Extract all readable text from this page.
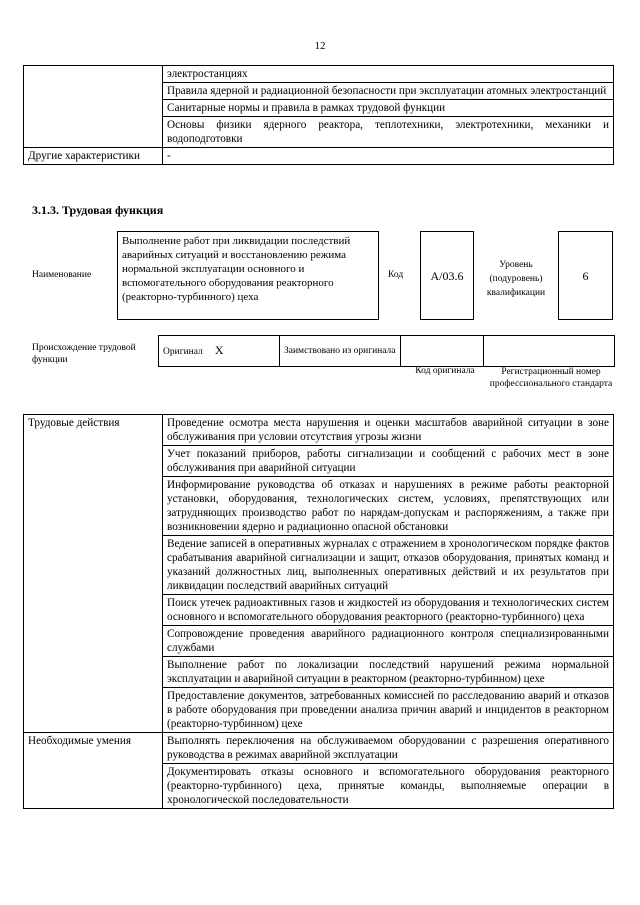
12
	электростанциях
	Правила ядерной и радиационной безопасности при эксплуатации атомных электростанций
	Санитарные нормы и правила в рамках трудовой функции
	Основы физики ядерного реактора, теплотехники, электротехники, механики и водоподготовки
Другие характеристики	-
3.1.3. Трудовая функция
Наименование
Выполнение работ при ликвидации последствий аварийных ситуаций и восстановлению режима нормальной эксплуатации основного и вспомогательного оборудования реакторного (реакторно-турбинного) цеха
Код	A/03.6
Уровень (подуровень) квалификации
6
Происхождение трудовой функции
Оригинал X	Заимствовано из оригинала		
Код оригинала	Регистрационный номер профессионального стандарта
Трудовые действия	Проведение осмотра места нарушения и оценки масштабов аварийной ситуации в зоне обслуживания при условии отсутствия угрозы жизни
	Учет показаний приборов, работы сигнализации и сообщений с рабочих мест в зоне обслуживания при аварийной ситуации
	Информирование руководства об отказах и нарушениях в режиме работы реакторной установки, оборудования, технологических систем, условиях, препятствующих или затрудняющих производство работ по нарядам-допускам и распоряжениям, а также при возникновении ядерно и радиационно опасной обстановки
	Ведение записей в оперативных журналах с отражением в хронологическом порядке фактов срабатывания аварийной сигнализации и защит, отказов оборудования, принятых команд и указаний должностных лиц, выполненных оперативных действий и их результатов при ликвидации последствий аварийных ситуаций
	Поиск утечек радиоактивных газов и жидкостей из оборудования и технологических систем основного и вспомогательного оборудования реакторного (реакторно-турбинного) цеха
	Сопровождение проведения аварийного радиационного контроля специализированными службами
	Выполнение работ по локализации последствий нарушений режима нормальной эксплуатации и аварийной ситуации в реакторном (реакторно-турбинном) цехе
	Предоставление документов, затребованных комиссией по расследованию аварий и отказов в работе оборудования при проведении анализа причин аварий и инцидентов в реакторном (реакторно-турбинном) цехе
Необходимые умения	Выполнять переключения на обслуживаемом оборудовании с разрешения оперативного руководства в режимах аварийной эксплуатации
	Документировать отказы основного и вспомогательного оборудования реакторного (реакторно-турбинного) цеха, принятые команды, выполняемые операции в хронологической последовательности
